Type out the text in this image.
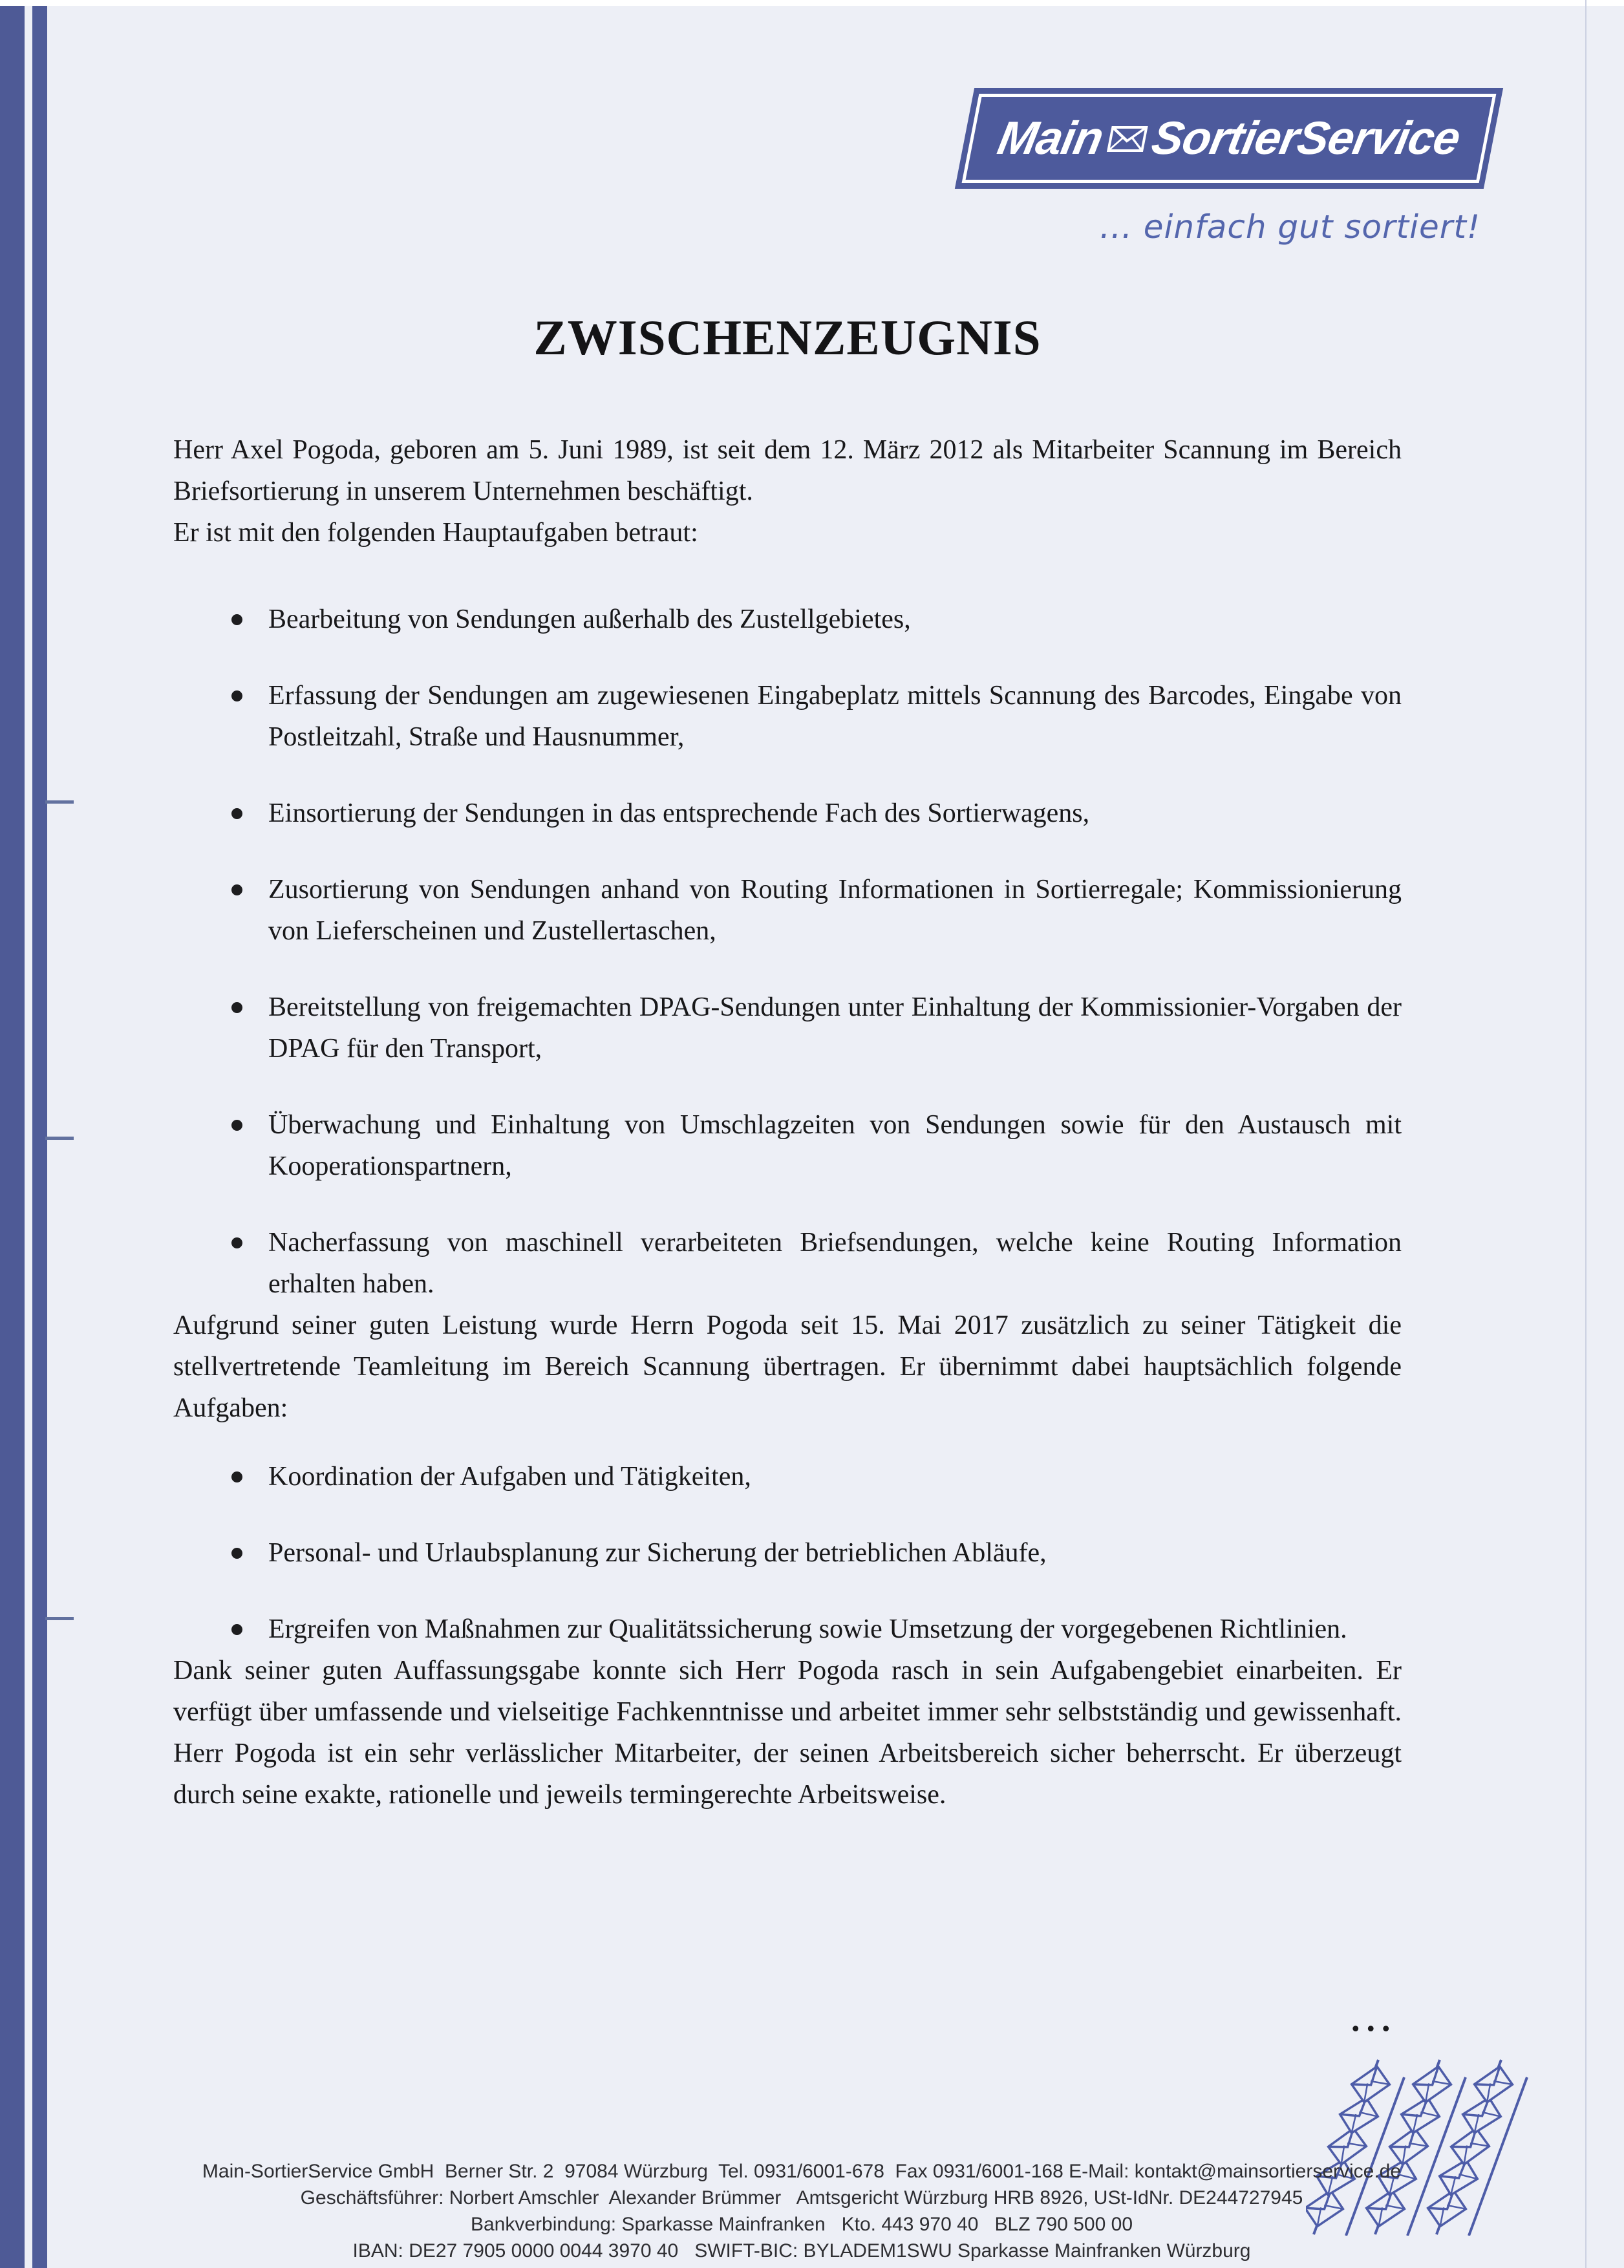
Main SortierService
... einfach gut sortiert!
ZWISCHENZEUGNIS

Herr Axel Pogoda, geboren am 5. Juni 1989, ist seit dem 12. März 2012 als Mitarbeiter Scannung im Bereich Briefsortierung in unserem Unternehmen beschäftigt.

Er ist mit den folgenden Hauptaufgaben betraut:

Bearbeitung von Sendungen außerhalb des Zustellgebietes,
Erfassung der Sendungen am zugewiesenen Eingabeplatz mittels Scannung des Barcodes, Eingabe von Postleitzahl, Straße und Hausnummer,
Einsortierung der Sendungen in das entsprechende Fach des Sortierwagens,
Zusortierung von Sendungen anhand von Routing Informationen in Sortierregale; Kommissionierung von Lieferscheinen und Zustellertaschen,
Bereitstellung von freigemachten DPAG-Sendungen unter Einhaltung der Kommissionier-Vorgaben der DPAG für den Transport,
Überwachung und Einhaltung von Umschlagzeiten von Sendungen sowie für den Austausch mit Kooperationspartnern,
Nacherfassung von maschinell verarbeiteten Briefsendungen, welche keine Routing Information erhalten haben.

Aufgrund seiner guten Leistung wurde Herrn Pogoda seit 15. Mai 2017 zusätzlich zu seiner Tätigkeit die stellvertretende Teamleitung im Bereich Scannung übertragen. Er übernimmt dabei hauptsächlich folgende Aufgaben:

Koordination der Aufgaben und Tätigkeiten,
Personal- und Urlaubsplanung zur Sicherung der betrieblichen Abläufe,
Ergreifen von Maßnahmen zur Qualitätssicherung sowie Umsetzung der vorgegebenen Richtlinien.

Dank seiner guten Auffassungsgabe konnte sich Herr Pogoda rasch in sein Aufgabengebiet einarbeiten. Er verfügt über umfassende und vielseitige Fachkenntnisse und arbeitet immer sehr selbstständig und gewissenhaft. Herr Pogoda ist ein sehr verlässlicher Mitarbeiter, der seinen Arbeitsbereich sicher beherrscht. Er überzeugt durch seine exakte, rationelle und jeweils termingerechte Arbeitsweise.

...
Main-SortierService GmbH  Berner Str. 2  97084 Würzburg  Tel. 0931/6001-678  Fax 0931/6001-168 E-Mail: kontakt@mainsortierservice.de
Geschäftsführer: Norbert Amschler  Alexander Brümmer   Amtsgericht Würzburg HRB 8926, USt-IdNr. DE244727945
Bankverbindung: Sparkasse Mainfranken   Kto. 443 970 40   BLZ 790 500 00
IBAN: DE27 7905 0000 0044 3970 40   SWIFT-BIC: BYLADEM1SWU Sparkasse Mainfranken Würzburg
